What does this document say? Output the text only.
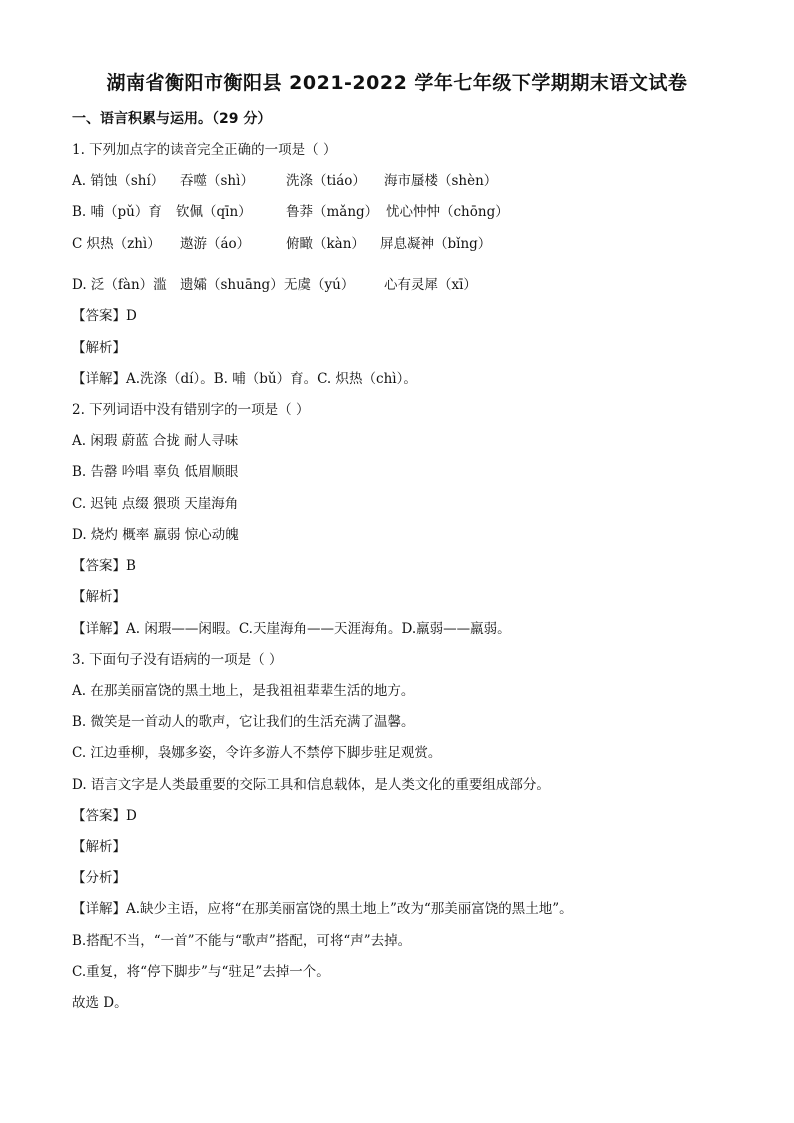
湖南省衡阳市衡阳县 2021-2022 学年七年级下学期期末语文试卷
一、语言积累与运用。（29 分）
1. 下列加点字的读音完全正确的一项是（ ）
A. 销蚀（shí） 吞噬（shì） 洗涤（tiáo） 海市蜃楼（shèn）
B. 哺（pǔ）育 钦佩（qīn）	鲁莽（mǎng） 忧心忡忡（chōng）
C 炽热（zhì） 遨游（áo）	俯瞰（kàn） 屏息凝神（bǐng）
D. 泛（fàn）滥 遗孀（shuāng）无虞（yú） 心有灵犀（xī）
【答案】D
【解析】
【详解】A.洗涤（dí）。B. 哺（bǔ）育。C. 炽热（chì）。
2. 下列词语中没有错别字的一项是（ ）
A. 闲瑕 蔚蓝 合拢 耐人寻味
B. 告罄 吟唱 辜负 低眉顺眼
C. 迟钝 点缀 猥琐 天崖海角
D. 烧灼 概率 羸弱 惊心动魄
【答案】B
【解析】
【详解】A. 闲瑕——闲暇。C.天崖海角——天涯海角。D.羸弱——羸弱。
3. 下面句子没有语病的一项是（ ）
A. 在那美丽富饶的黑土地上，是我祖祖辈辈生活的地方。
B. 微笑是一首动人的歌声，它让我们的生活充满了温馨。
C. 江边垂柳，袅娜多姿，令许多游人不禁停下脚步驻足观赏。
D. 语言文字是人类最重要的交际工具和信息载体，是人类文化的重要组成部分。
【答案】D
【解析】
【分析】
【详解】A.缺少主语，应将“在那美丽富饶的黑土地上”改为“那美丽富饶的黑土地”。
B.搭配不当，“一首”不能与“歌声”搭配，可将“声”去掉。
C.重复，将“停下脚步”与“驻足”去掉一个。
故选 D。
